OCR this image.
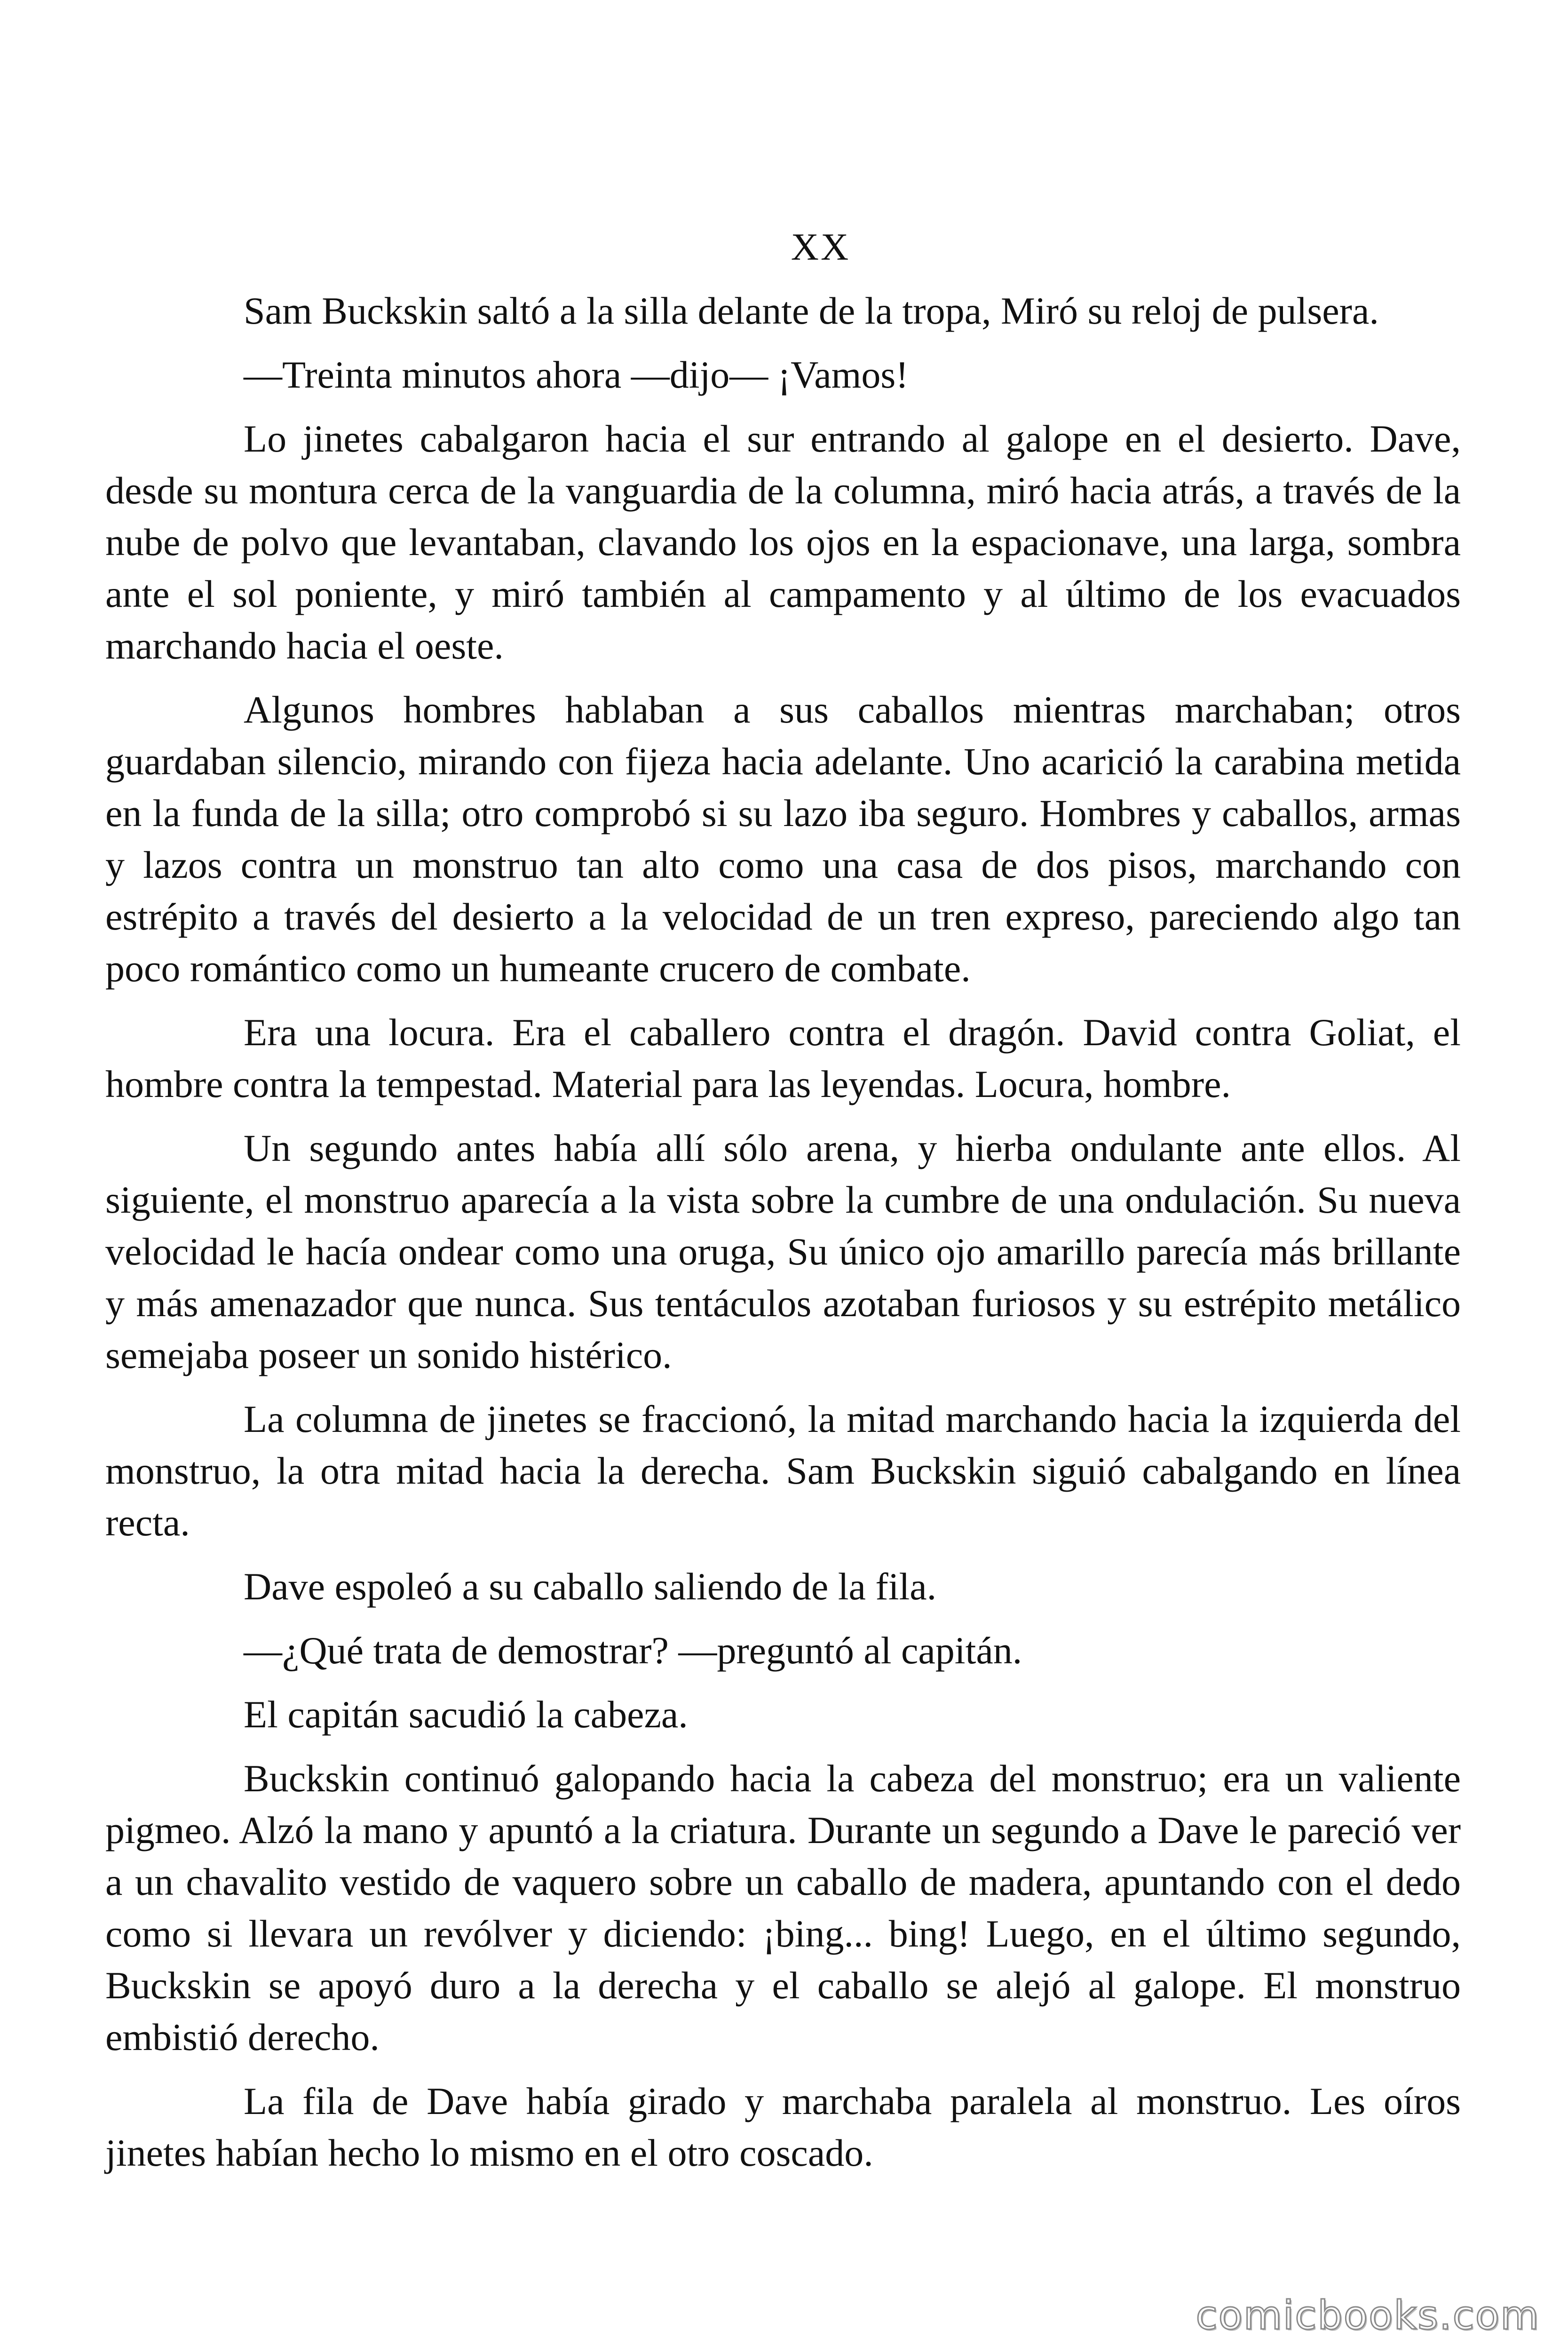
XX

Sam Buckskin saltó a la silla delante de la tropa, Miró su reloj de pulsera.

—Treinta minutos ahora —dijo— ¡Vamos!

Lo jinetes cabalgaron hacia el sur entrando al galope en el desierto. Dave, desde su montura cerca de la vanguardia de la columna, miró hacia atrás, a través de la nube de polvo que levantaban, clavando los ojos en la espacionave, una larga, sombra ante el sol poniente, y miró también al campamento y al último de los evacuados marchando hacia el oeste.

Algunos hombres hablaban a sus caballos mientras marchaban; otros guardaban silencio, mirando con fijeza hacia adelante. Uno acarició la carabina metida en la funda de la silla; otro comprobó si su lazo iba seguro. Hombres y caballos, armas y lazos contra un monstruo tan alto como una casa de dos pisos, marchando con estrépito a través del desierto a la velocidad de un tren expreso, pareciendo algo tan poco romántico como un humeante crucero de combate.

Era una locura. Era el caballero contra el dragón. David contra Goliat, el hombre contra la tempestad. Material para las leyendas. Locura, hombre.

Un segundo antes había allí sólo arena, y hierba ondulante ante ellos. Al siguiente, el monstruo aparecía a la vista sobre la cumbre de una ondulación. Su nueva velocidad le hacía ondear como una oruga, Su único ojo amarillo parecía más brillante y más amenazador que nunca. Sus tentáculos azotaban furiosos y su estrépito metálico semejaba poseer un sonido histérico.

La columna de jinetes se fraccionó, la mitad marchando hacia la izquierda del monstruo, la otra mitad hacia la derecha. Sam Buckskin siguió cabalgando en línea recta.

Dave espoleó a su caballo saliendo de la fila.

—¿Qué trata de demostrar? —preguntó al capitán.

El capitán sacudió la cabeza.

Buckskin continuó galopando hacia la cabeza del monstruo; era un valiente pigmeo. Alzó la mano y apuntó a la criatura. Durante un segundo a Dave le pareció ver a un chavalito vestido de vaquero sobre un caballo de madera, apuntando con el dedo como si llevara un revólver y diciendo: ¡bing... bing! Luego, en el último segundo, Buckskin se apoyó duro a la derecha y el caballo se alejó al galope. El monstruo embistió derecho.

La fila de Dave había girado y marchaba paralela al monstruo. Les oíros jinetes habían hecho lo mismo en el otro coscado.

comicbooks.com
